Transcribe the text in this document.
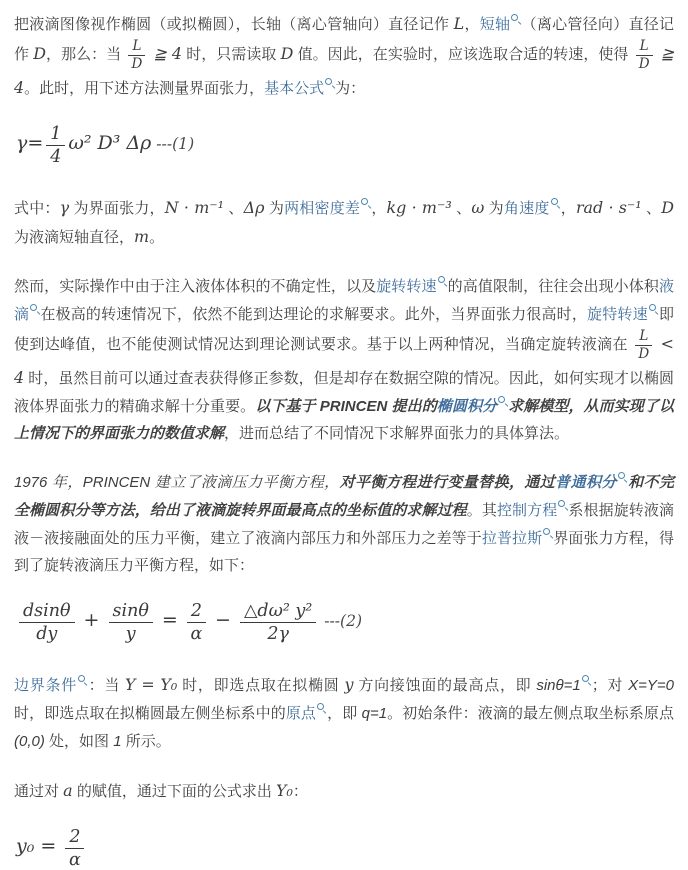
把液滴图像视作椭圆（或拟椭圆），长轴（离心管轴向）直径记作 L，短轴 （离心管径向）直径记作 D，那么：当 $\frac{L}{D}$ ≧ 4 时，只需读取 D 值。因此，在实验时，应该选取合适的转速，使得 $\frac{L}{D}$ ≧ 4。此时，用下述方法测量界面张力，基本公式 为：

$\gamma= \frac{1}{4} \omega^2$ D³ Δρ ---(1)

式中：γ 为界面张力，N · m⁻¹ 、Δρ 为两相密度差 ，kg · m⁻³ 、ω 为角速度 ，rad · s⁻¹ 、D 为液滴短轴直径，m。

然而，实际操作中由于注入液体体积的不确定性，以及旋转转速 的高值限制，往往会出现小体积液滴 在极高的转速情况下，依然不能到达理论的求解要求。此外，当界面张力很高时，旋特转速 即使到达峰值，也不能使测试情况达到理论测试要求。基于以上两种情况，当确定旋转液滴在 $\frac{L}{D} < 4$ 时，虽然目前可以通过查表获得修正参数，但是却存在数据空隙的情况。因此，如何实现才以椭圆液体界面张力的精确求解十分重要。以下基于 PRINCEN 提出的椭圆积分 求解模型，从而实现了以上情况下的界面张力的数值求解，进而总结了不同情况下求解界面张力的具体算法。

1976 年，PRINCEN 建立了液滴压力平衡方程，对平衡方程进行变量替换，通过普通积分 和不完全椭圆积分等方法，给出了液滴旋转界面最高点的坐标值的求解过程。其控制方程 系根据旋转液滴液－液接融面处的压力平衡，建立了液滴内部压力和外部压力之差等于拉普拉斯 界面张力方程，得到了旋转液滴压力平衡方程，如下：

$\frac{dsin\theta}{dy} + \frac{\sin\theta}{y} = \frac{2}{\alpha} - \frac{\text{△dω² y²}}{2\gamma} ---(2)$

边界条件 ：当 Y = Y₀ 时，即选点取在拟椭圆 y 方向接蚀面的最高点，即 sinθ=1 ；对 X=Y=0 时，即选点取在拟椭圆最左侧坐标系中的原点 ，即 q=1。初始条件：液滴的最左侧点取坐标系原点 (0,0) 处，如图 1 所示。

通过对 a 的赋值，通过下面的公式求出 Y₀：

$y_0 = \frac{2}{\alpha}$
